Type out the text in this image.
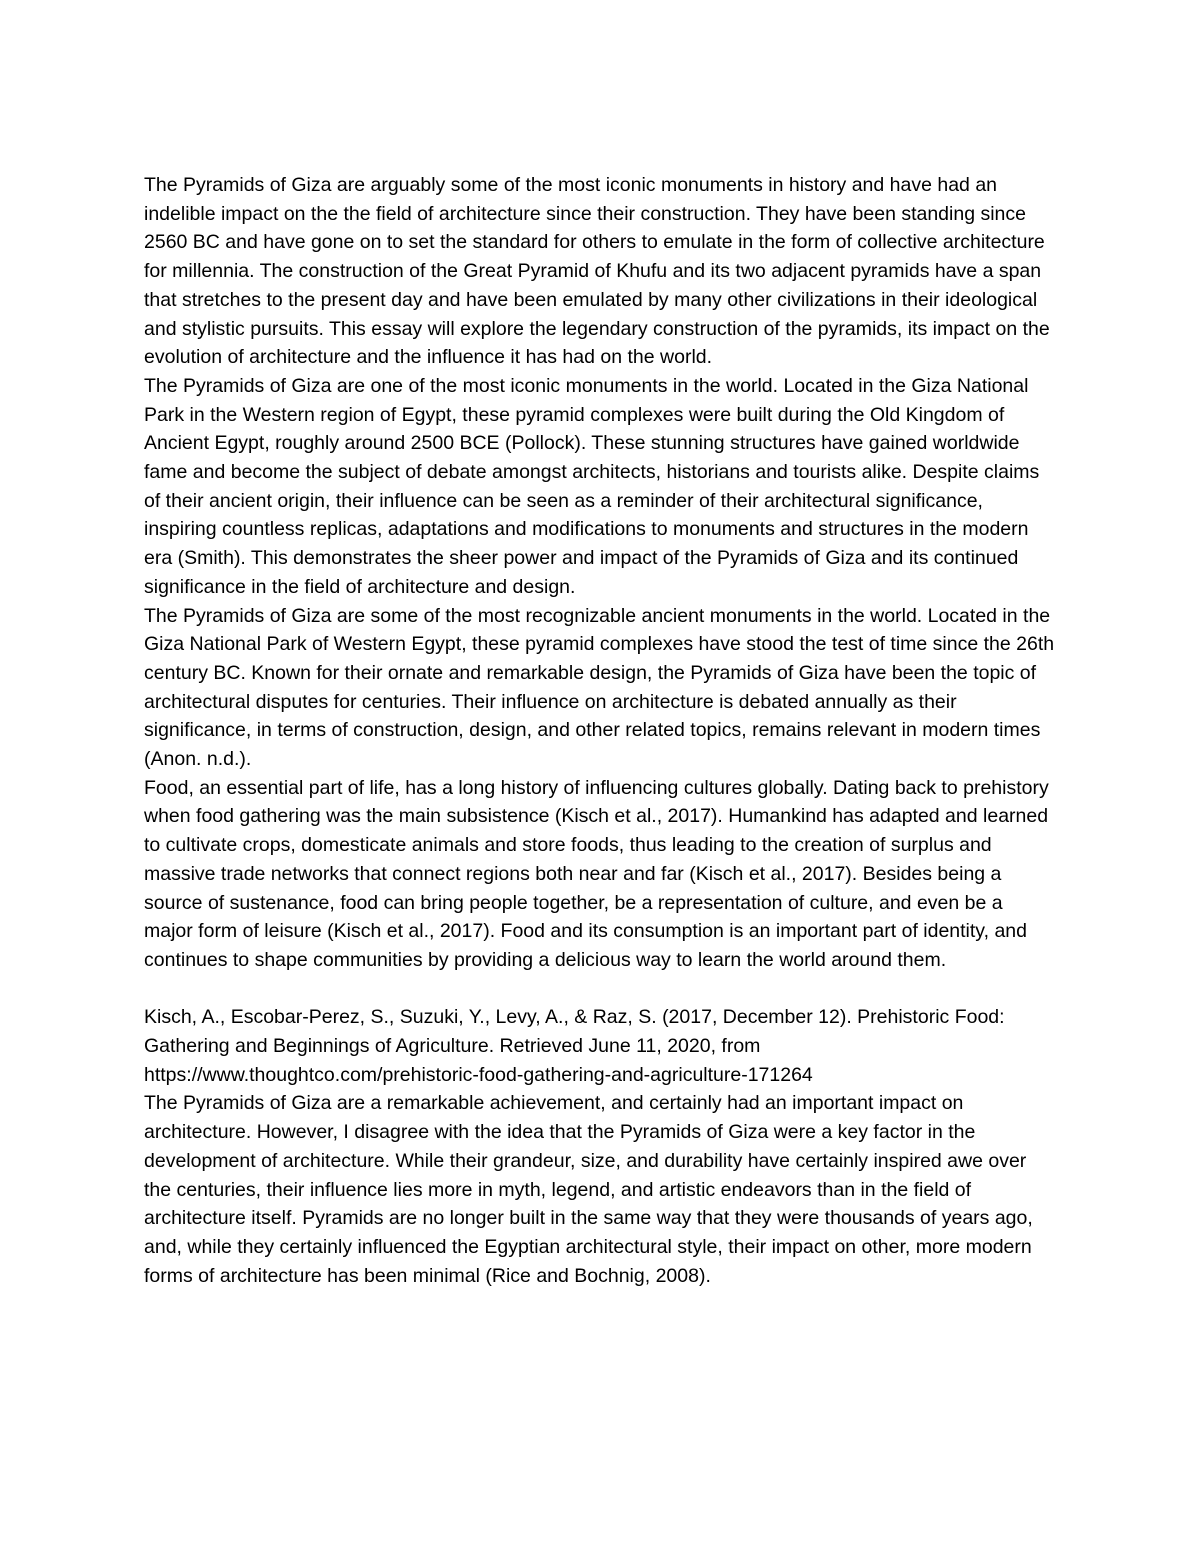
The Pyramids of Giza are arguably some of the most iconic monuments in history and have had an indelible impact on the the field of architecture since their construction. They have been standing since 2560 BC and have gone on to set the standard for others to emulate in the form of collective architecture for millennia. The construction of the Great Pyramid of Khufu and its two adjacent pyramids have a span that stretches to the present day and have been emulated by many other civilizations in their ideological and stylistic pursuits. This essay will explore the legendary construction of the pyramids, its impact on the evolution of architecture and the influence it has had on the world.

The Pyramids of Giza are one of the most iconic monuments in the world. Located in the Giza National Park in the Western region of Egypt, these pyramid complexes were built during the Old Kingdom of Ancient Egypt, roughly around 2500 BCE (Pollock). These stunning structures have gained worldwide fame and become the subject of debate amongst architects, historians and tourists alike. Despite claims of their ancient origin, their influence can be seen as a reminder of their architectural significance, inspiring countless replicas, adaptations and modifications to monuments and structures in the modern era (Smith). This demonstrates the sheer power and impact of the Pyramids of Giza and its continued significance in the field of architecture and design.

The Pyramids of Giza are some of the most recognizable ancient monuments in the world. Located in the Giza National Park of Western Egypt, these pyramid complexes have stood the test of time since the 26th century BC. Known for their ornate and remarkable design, the Pyramids of Giza have been the topic of architectural disputes for centuries. Their influence on architecture is debated annually as their significance, in terms of construction, design, and other related topics, remains relevant in modern times (Anon. n.d.).

Food, an essential part of life, has a long history of influencing cultures globally. Dating back to prehistory when food gathering was the main subsistence (Kisch et al., 2017). Humankind has adapted and learned to cultivate crops, domesticate animals and store foods, thus leading to the creation of surplus and massive trade networks that connect regions both near and far (Kisch et al., 2017). Besides being a source of sustenance, food can bring people together, be a representation of culture, and even be a major form of leisure (Kisch et al., 2017). Food and its consumption is an important part of identity, and continues to shape communities by providing a delicious way to learn the world around them.

Kisch, A., Escobar-Perez, S., Suzuki, Y., Levy, A., & Raz, S. (2017, December 12). Prehistoric Food: Gathering and Beginnings of Agriculture. Retrieved June 11, 2020, from
https://www.thoughtco.com/prehistoric-food-gathering-and-agriculture-171264

The Pyramids of Giza are a remarkable achievement, and certainly had an important impact on architecture. However, I disagree with the idea that the Pyramids of Giza were a key factor in the development of architecture. While their grandeur, size, and durability have certainly inspired awe over the centuries, their influence lies more in myth, legend, and artistic endeavors than in the field of architecture itself. Pyramids are no longer built in the same way that they were thousands of years ago, and, while they certainly influenced the Egyptian architectural style, their impact on other, more modern forms of architecture has been minimal (Rice and Bochnig, 2008).
